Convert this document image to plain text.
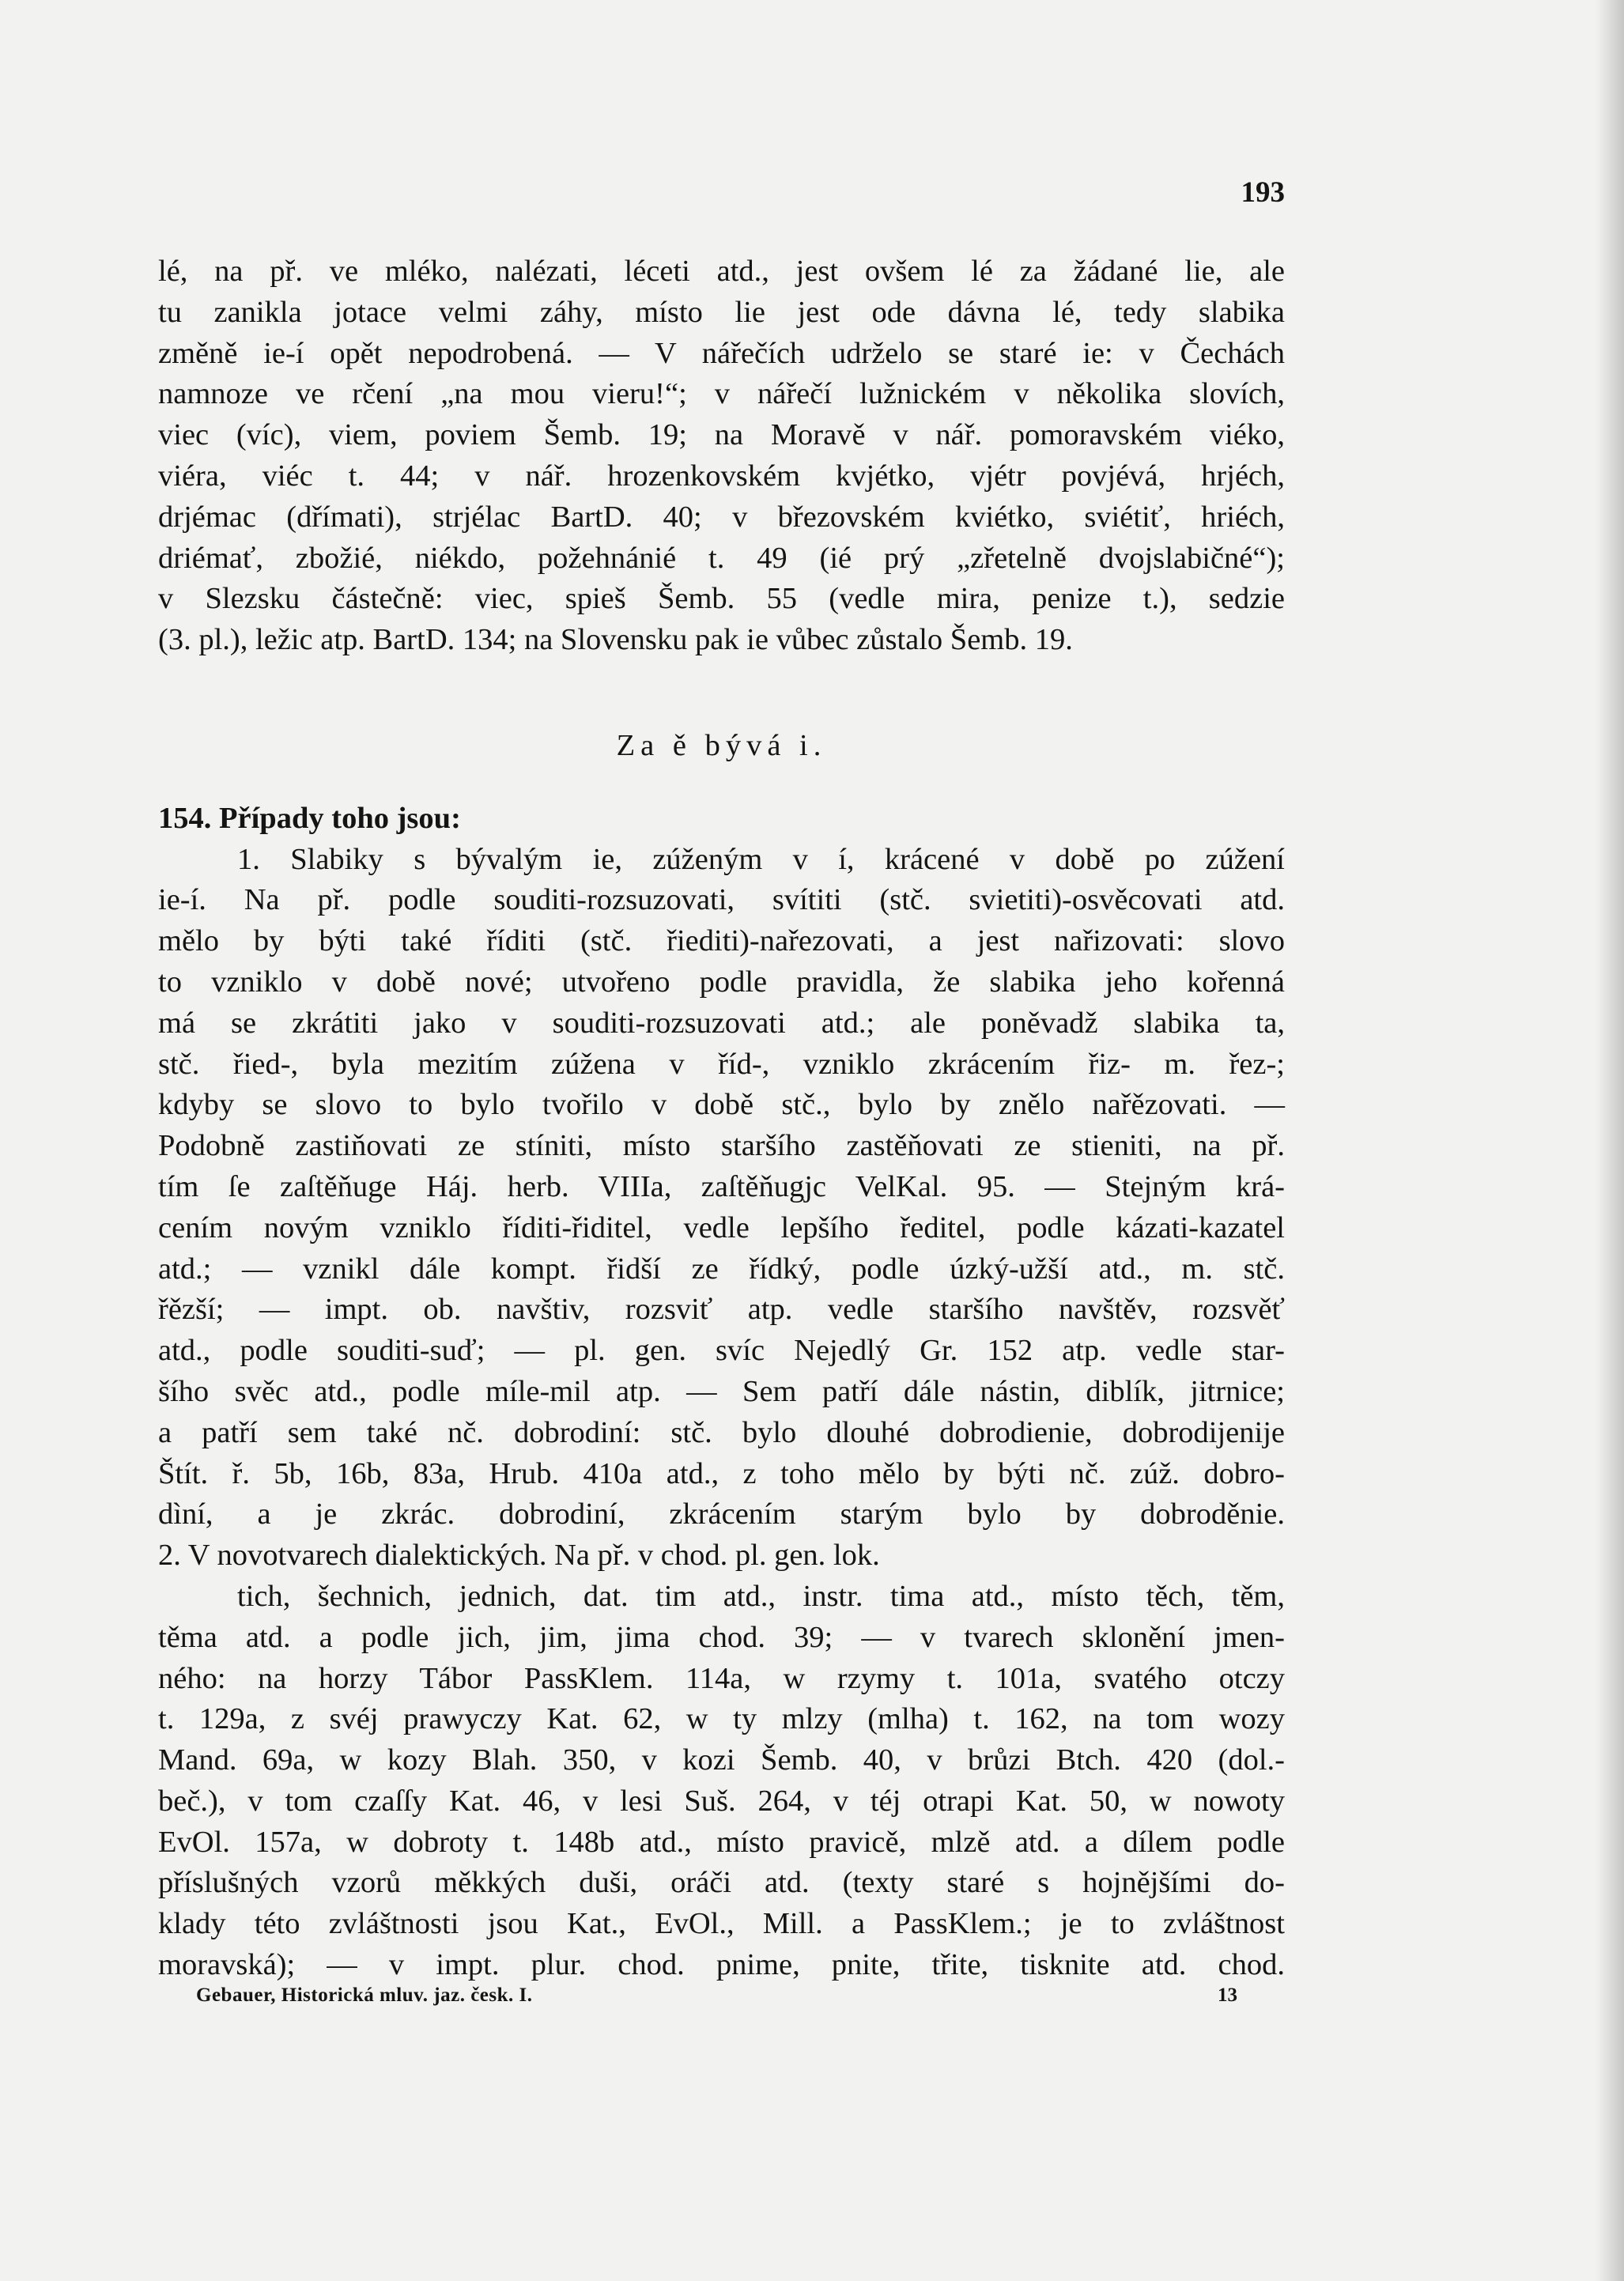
193
lé, na př. ve mléko, nalézati, léceti atd., jest ovšem lé za žádané lie, ale
tu zanikla jotace velmi záhy, místo lie jest ode dávna lé, tedy slabika
změně ie-í opět nepodrobená. — V nářečích udrželo se staré ie: v Čechách
namnoze ve rčení „na mou vieru!“; v nářečí lužnickém v několika slovích,
viec (víc), viem, poviem Šemb. 19; na Moravě v nář. pomoravském viéko,
viéra, viéc t. 44; v nář. hrozenkovském kvjétko, vjétr povjévá, hrjéch,
drjémac (dřímati), strjélac BartD. 40; v březovském kviétko, sviétiť, hriéch,
driémať, zbožié, niékdo, požehnánié t. 49 (ié prý „zřetelně dvojslabičné“);
v Slezsku částečně: viec, spieš Šemb. 55 (vedle mira, penize t.), sedzie
(3. pl.), ležic atp. BartD. 134; na Slovensku pak ie vůbec zůstalo Šemb. 19.
Za ě bývá i.
154. Případy toho jsou:
1. Slabiky s bývalým ie, zúženým v í, krácené v době po zúžení
ie-í. Na př. podle souditi-rozsuzovati, svítiti (stč. svietiti)-osvěcovati atd.
mělo by býti také říditi (stč. řiediti)-nařezovati, a jest nařizovati: slovo
to vzniklo v době nové; utvořeno podle pravidla, že slabika jeho kořenná
má se zkrátiti jako v souditi-rozsuzovati atd.; ale poněvadž slabika ta,
stč. řied-, byla mezitím zúžena v říd-, vzniklo zkrácením řiz- m. řez-;
kdyby se slovo to bylo tvořilo v době stč., bylo by znělo nařězovati. —
Podobně zastiňovati ze stíniti, místo staršího zastěňovati ze stieniti, na př.
tím ſe zaſtěňuge Háj. herb. VIIIa, zaſtěňugjc VelKal. 95. — Stejným krá-
cením novým vzniklo říditi-řiditel, vedle lepšího ředitel, podle kázati-kazatel
atd.; — vznikl dále kompt. řidší ze řídký, podle úzký-užší atd., m. stč.
řězší; — impt. ob. navštiv, rozsviť atp. vedle staršího navštěv, rozsvěť
atd., podle souditi-suď; — pl. gen. svíc Nejedlý Gr. 152 atp. vedle star-
šího svěc atd., podle míle-mil atp. — Sem patří dále nástin, diblík, jitrnice;
a patří sem také nč. dobrodiní: stč. bylo dlouhé dobrodienie, dobrodijenije
Štít. ř. 5b, 16b, 83a, Hrub. 410a atd., z toho mělo by býti nč. zúž. dobro-
dìní, a je zkrác. dobrodiní, zkrácením starým bylo by dobroděnie.
2. V novotvarech dialektických. Na př. v chod. pl. gen. lok.
tich, šechnich, jednich, dat. tim atd., instr. tima atd., místo těch, těm,
těma atd. a podle jich, jim, jima chod. 39; — v tvarech sklonění jmen-
ného: na horzy Tábor PassKlem. 114a, w rzymy t. 101a, svatého otczy
t. 129a, z svéj prawyczy Kat. 62, w ty mlzy (mlha) t. 162, na tom wozy
Mand. 69a, w kozy Blah. 350, v kozi Šemb. 40, v brůzi Btch. 420 (dol.-
beč.), v tom czaſſy Kat. 46, v lesi Suš. 264, v téj otrapi Kat. 50, w nowoty
EvOl. 157a, w dobroty t. 148b atd., místo pravicě, mlzě atd. a dílem podle
příslušných vzorů měkkých duši, oráči atd. (texty staré s hojnějšími do-
klady této zvláštnosti jsou Kat., EvOl., Mill. a PassKlem.; je to zvláštnost
moravská); — v impt. plur. chod. pnime, pnite, třite, tisknite atd. chod.
Gebauer, Historická mluv. jaz. česk. I.	13
